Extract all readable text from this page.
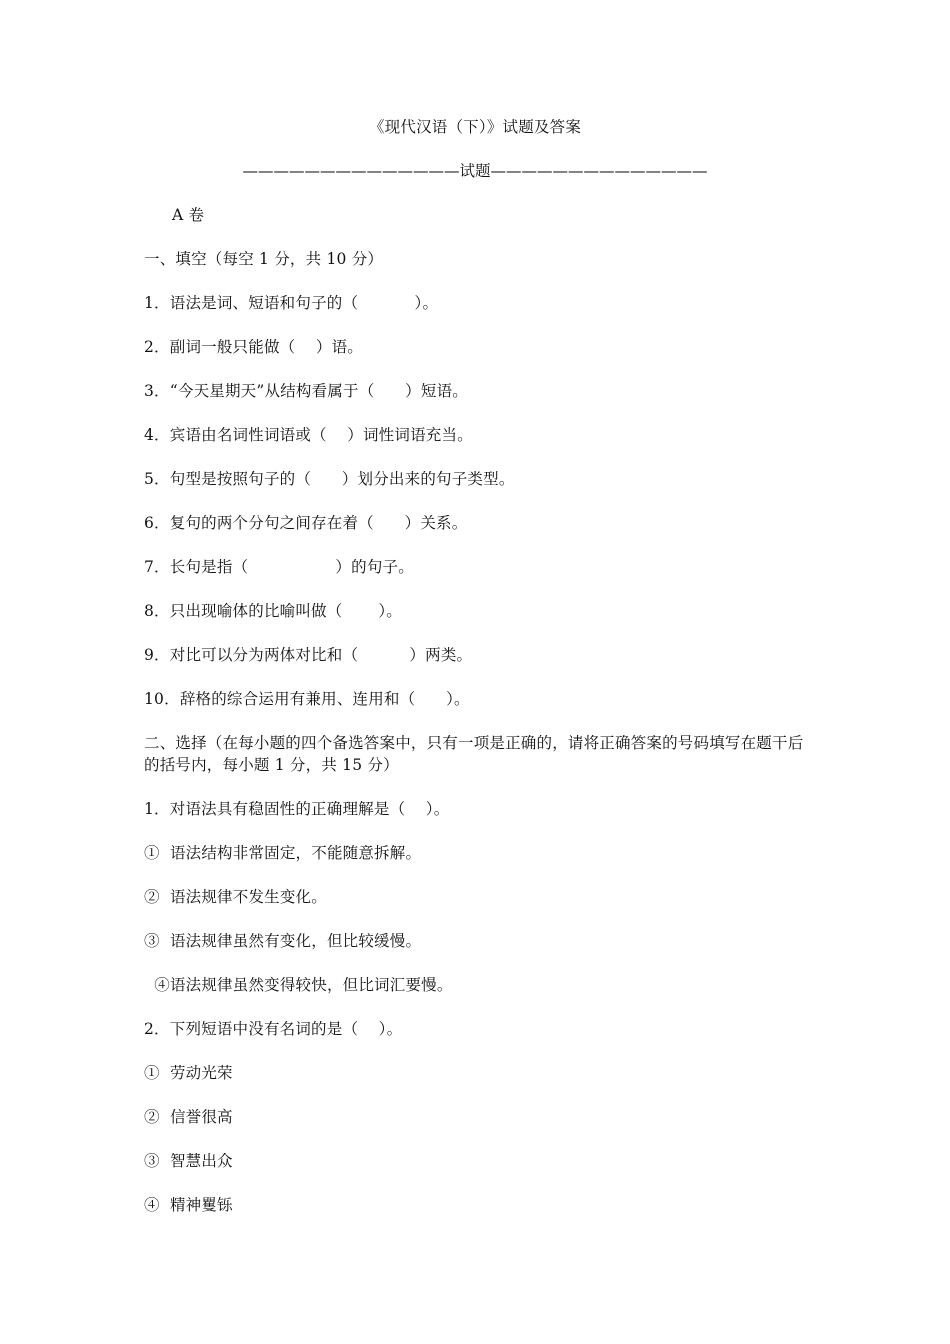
《现代汉语（下）》试题及答案
——————————————试题——————————————
A 卷
一、填空（每空 1 分，共 10 分）
1．语法是词、短语和句子的（           ）。
2．副词一般只能做（    ）语。
3．“今天星期天”从结构看属于（      ）短语。
4．宾语由名词性词语或（    ）词性词语充当。
5．句型是按照句子的（      ）划分出来的句子类型。
6．复句的两个分句之间存在着（      ）关系。
7．长句是指（                 ）的句子。
8．只出现喻体的比喻叫做（       ）。
9．对比可以分为两体对比和（          ）两类。
10．辞格的综合运用有兼用、连用和（      ）。
二、选择（在每小题的四个备选答案中，只有一项是正确的，请将正确答案的号码填写在题干后的括号内，每小题 1 分，共 15 分）
1．对语法具有稳固性的正确理解是（    ）。
①  语法结构非常固定，不能随意拆解。
②  语法规律不发生变化。
③  语法规律虽然有变化，但比较缓慢。
④语法规律虽然变得较快，但比词汇要慢。
2．下列短语中没有名词的是（    ）。
①  劳动光荣
②  信誉很高
③  智慧出众
④  精神矍铄
